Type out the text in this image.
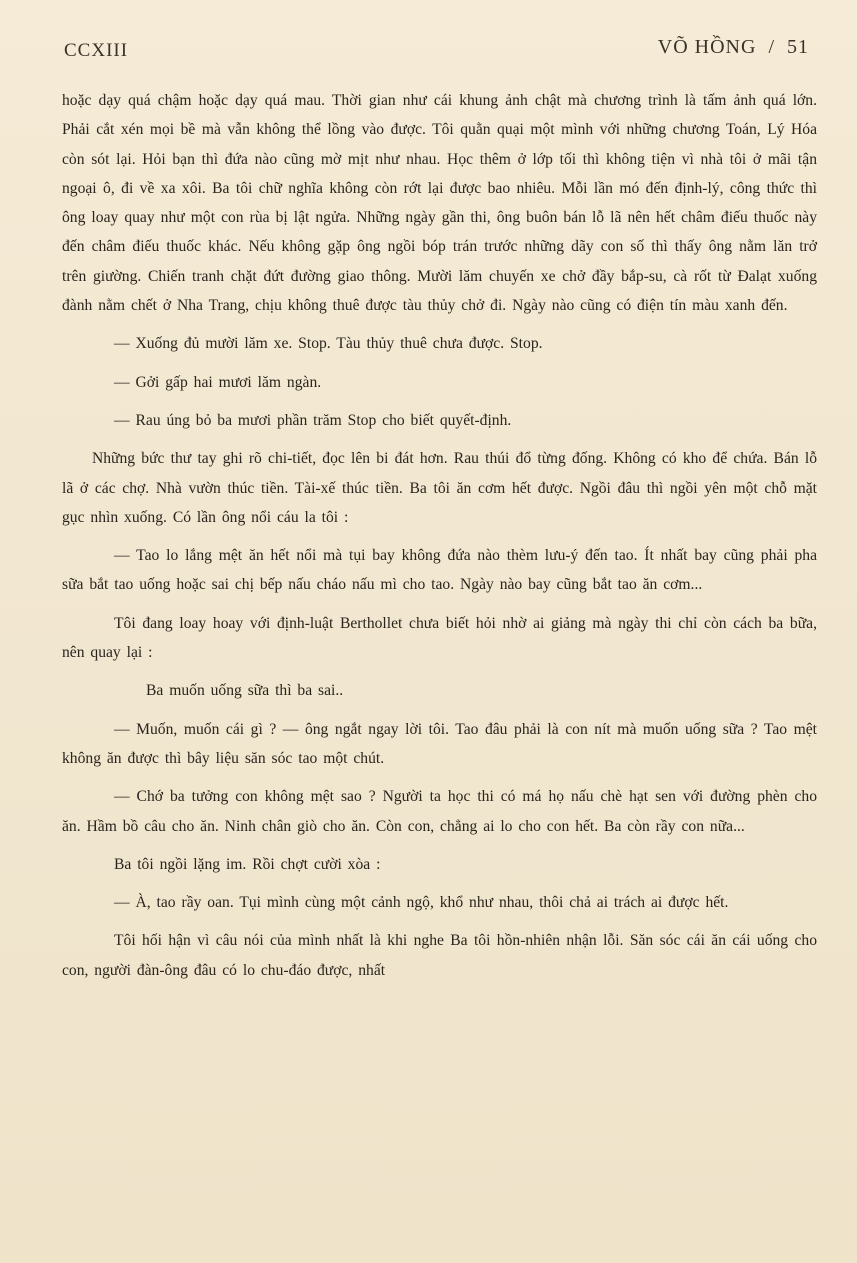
CCXIII	VÕ HỒNG / 51

hoặc dạy quá chậm hoặc dạy quá mau. Thời gian như cái khung ảnh chật mà chương trình là tấm ảnh quá lớn. Phải cắt xén mọi bề mà vẫn không thể lồng vào được. Tôi quằn quại một mình với những chương Toán, Lý Hóa còn sót lại. Hỏi bạn thì đứa nào cũng mờ mịt như nhau. Học thêm ở lớp tối thì không tiện vì nhà tôi ở mãi tận ngoại ô, đi về xa xôi. Ba tôi chữ nghĩa không còn rớt lại được bao nhiêu. Mỗi lần mó đến định-lý, công thức thì ông loay quay như một con rùa bị lật ngửa. Những ngày gần thi, ông buôn bán lỗ lã nên hết châm điếu thuốc này đến châm điếu thuốc khác. Nếu không gặp ông ngồi bóp trán trước những dãy con số thì thấy ông nằm lăn trở trên giường. Chiến tranh chặt đứt đường giao thông. Mười lăm chuyến xe chở đầy bắp-su, cà rốt từ Đalạt xuống đành nằm chết ở Nha Trang, chịu không thuê được tàu thủy chở đi. Ngày nào cũng có điện tín màu xanh đến.

— Xuống đủ mười lăm xe. Stop. Tàu thủy thuê chưa được. Stop.

— Gởi gấp hai mươi lăm ngàn.

— Rau úng bỏ ba mươi phần trăm Stop cho biết quyết-định.

Những bức thư tay ghi rõ chi-tiết, đọc lên bi đát hơn. Rau thúi đổ từng đống. Không có kho để chứa. Bán lỗ lã ở các chợ. Nhà vườn thúc tiền. Tài-xế thúc tiền. Ba tôi ăn cơm hết được. Ngồi đâu thì ngồi yên một chỗ mặt gục nhìn xuống. Có lần ông nổi cáu la tôi :

— Tao lo lắng mệt ăn hết nổi mà tụi bay không đứa nào thèm lưu-ý đến tao. Ít nhất bay cũng phải pha sữa bắt tao uống hoặc sai chị bếp nấu cháo nấu mì cho tao. Ngày nào bay cũng bắt tao ăn cơm...

Tôi đang loay hoay với định-luật Berthollet chưa biết hỏi nhờ ai giảng mà ngày thi chỉ còn cách ba bữa, nên quay lại :

Ba muốn uống sữa thì ba sai..

— Muốn, muốn cái gì ? — ông ngắt ngay lời tôi. Tao đâu phải là con nít mà muốn uống sữa ? Tao mệt không ăn được thì bây liệu săn sóc tao một chút.

— Chớ ba tưởng con không mệt sao ? Người ta học thi có má họ nấu chè hạt sen với đường phèn cho ăn. Hầm bồ câu cho ăn. Ninh chân giò cho ăn. Còn con, chẳng ai lo cho con hết. Ba còn rầy con nữa...

Ba tôi ngồi lặng im. Rồi chợt cười xòa :

— À, tao rầy oan. Tụi mình cùng một cảnh ngộ, khổ như nhau, thôi chả ai trách ai được hết.

Tôi hối hận vì câu nói của mình nhất là khi nghe Ba tôi hồn-nhiên nhận lỗi. Săn sóc cái ăn cái uống cho con, người đàn-ông đâu có lo chu-đáo được, nhất
